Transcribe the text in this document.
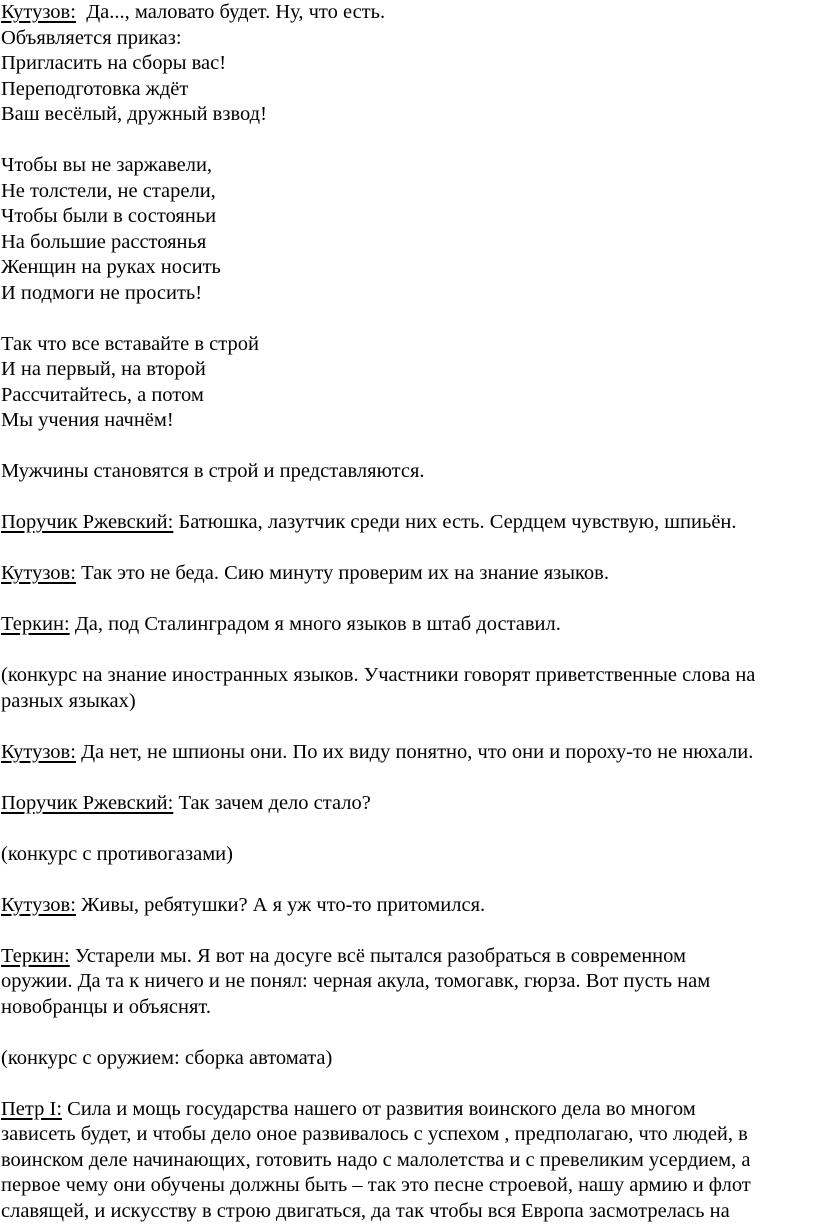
Кутузов:  Да..., маловато будет. Ну, что есть.
Объявляется приказ:
Пригласить на сборы вас!
Переподготовка ждёт
Ваш весёлый, дружный взвод!
Чтобы вы не заржавели,
Не толстели, не старели,
Чтобы были в состояньи
На большие расстоянья
Женщин на руках носить
И подмоги не просить!
Так что все вставайте в строй
И на первый, на второй
Рассчитайтесь, а потом
Мы учения начнём!
Мужчины становятся в строй и представляются.
Поручик Ржевский: Батюшка, лазутчик среди них есть. Сердцем чувствую, шпиьён.
Кутузов: Так это не беда. Сию минуту проверим их на знание языков.
Теркин: Да, под Сталинградом я много языков в штаб доставил.
(конкурс на знание иностранных языков. Участники говорят приветственные слова на
разных языках)
Кутузов: Да нет, не шпионы они. По их виду понятно, что они и пороху-то не нюхали.
Поручик Ржевский: Так зачем дело стало?
(конкурс с противогазами)
Кутузов: Живы, ребятушки? А я уж что-то притомился.
Теркин: Устарели мы. Я вот на досуге всё пытался разобраться в современном
оружии. Да та к ничего и не понял: черная акула, томогавк, гюрза. Вот пусть нам
новобранцы и объяснят.
(конкурс с оружием: сборка автомата)
Петр I: Сила и мощь государства нашего от развития воинского дела во многом
зависеть будет, и чтобы дело оное развивалось с успехом , предполагаю, что людей, в
воинском деле начинающих, готовить надо с малолетства и с превеликим усердием, а
первое чему они обучены должны быть – так это песне строевой, нашу армию и флот
славящей, и искусству в строю двигаться, да так чтобы вся Европа засмотрелась на
